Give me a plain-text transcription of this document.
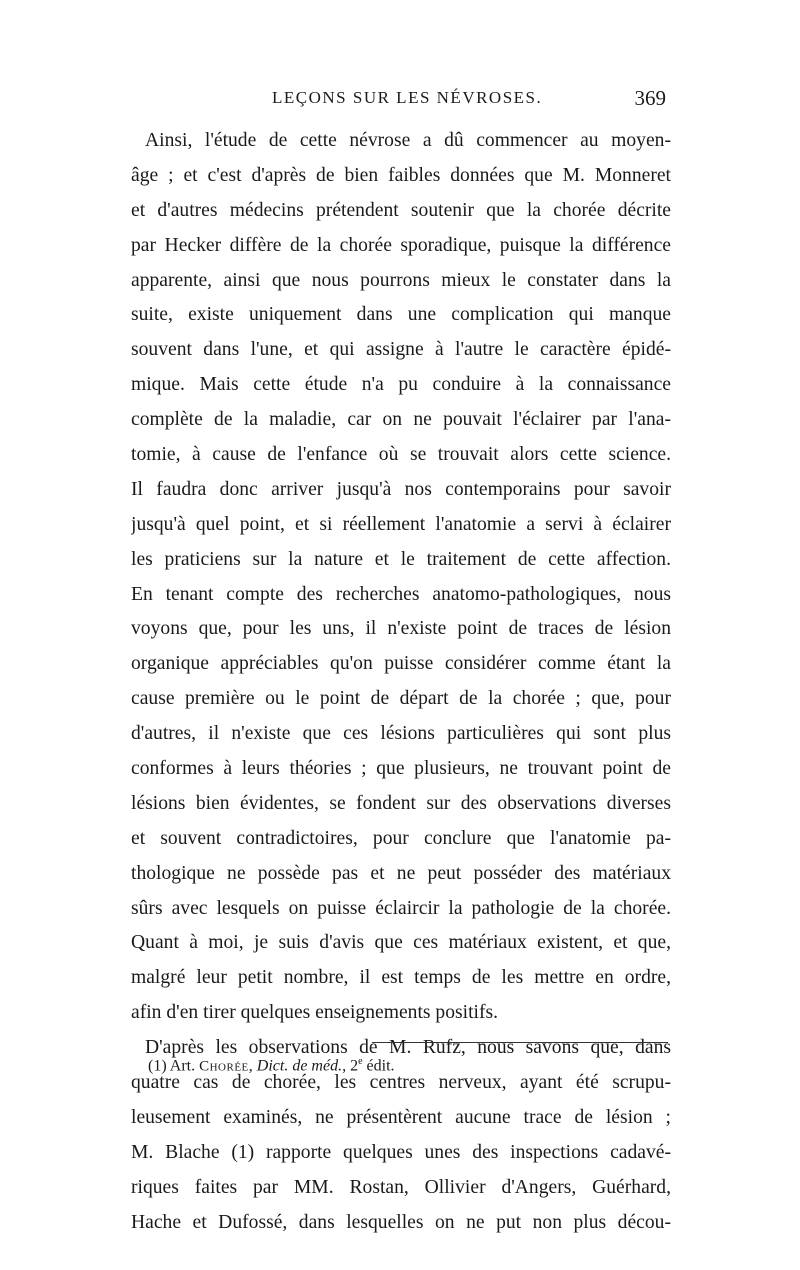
LEÇONS SUR LES NÉVROSES.	369
Ainsi, l'étude de cette névrose a dû commencer au moyen-
âge ; et c'est d'après de bien faibles données que M. Monneret
et d'autres médecins prétendent soutenir que la chorée décrite
par Hecker diffère de la chorée sporadique, puisque la différence
apparente, ainsi que nous pourrons mieux le constater dans la
suite, existe uniquement dans une complication qui manque
souvent dans l'une, et qui assigne à l'autre le caractère épidé-
mique. Mais cette étude n'a pu conduire à la connaissance
complète de la maladie, car on ne pouvait l'éclairer par l'ana-
tomie, à cause de l'enfance où se trouvait alors cette science.
Il faudra donc arriver jusqu'à nos contemporains pour savoir
jusqu'à quel point, et si réellement l'anatomie a servi à éclairer
les praticiens sur la nature et le traitement de cette affection.
En tenant compte des recherches anatomo-pathologiques, nous
voyons que, pour les uns, il n'existe point de traces de lésion
organique appréciables qu'on puisse considérer comme étant la
cause première ou le point de départ de la chorée ; que, pour
d'autres, il n'existe que ces lésions particulières qui sont plus
conformes à leurs théories ; que plusieurs, ne trouvant point de
lésions bien évidentes, se fondent sur des observations diverses
et souvent contradictoires, pour conclure que l'anatomie pa-
thologique ne possède pas et ne peut posséder des matériaux
sûrs avec lesquels on puisse éclaircir la pathologie de la chorée.
Quant à moi, je suis d'avis que ces matériaux existent, et que,
malgré leur petit nombre, il est temps de les mettre en ordre,
afin d'en tirer quelques enseignements positifs.
D'après les observations de M. Rufz, nous savons que, dans
quatre cas de chorée, les centres nerveux, ayant été scrupu-
leusement examinés, ne présentèrent aucune trace de lésion ;
M. Blache (1) rapporte quelques unes des inspections cadavé-
riques faites par MM. Rostan, Ollivier d'Angers, Guérhard,
Hache et Dufossé, dans lesquelles on ne put non plus décou-
(1) Art. Chorée, Dict. de méd., 2e édit.
